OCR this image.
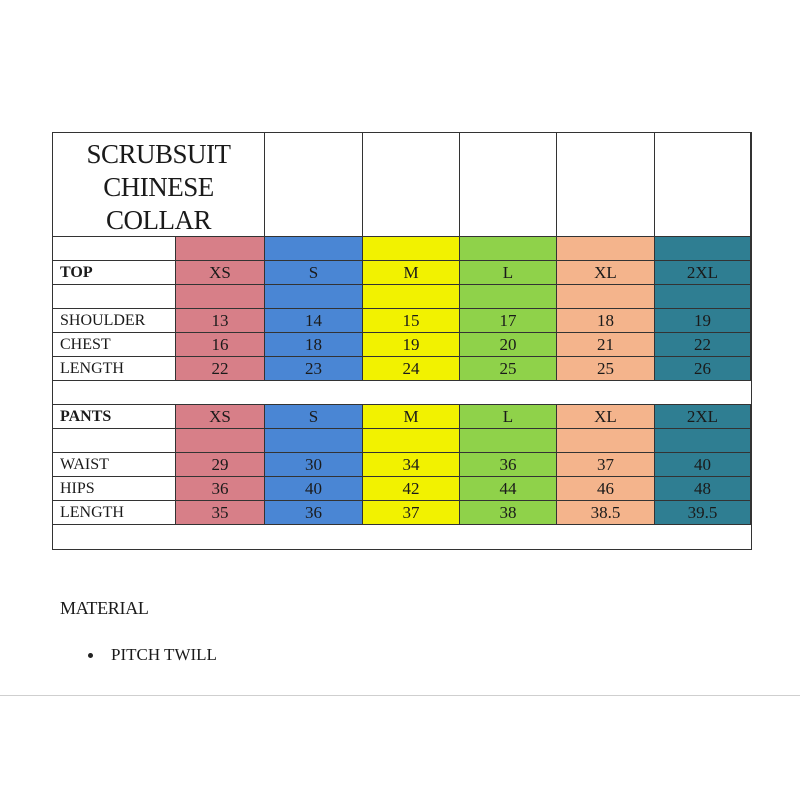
SCRUBSUIT
CHINESE
COLLAR
TOP	XS	S	M	L	XL	2XL
SHOULDER	13	14	15	17	18	19
CHEST	16	18	19	20	21	22
LENGTH	22	23	24	25	25	26
PANTS	XS	S	M	L	XL	2XL
WAIST	29	30	34	36	37	40
HIPS	36	40	42	44	46	48
LENGTH	35	36	37	38	38.5	39.5
MATERIAL
PITCH TWILL
